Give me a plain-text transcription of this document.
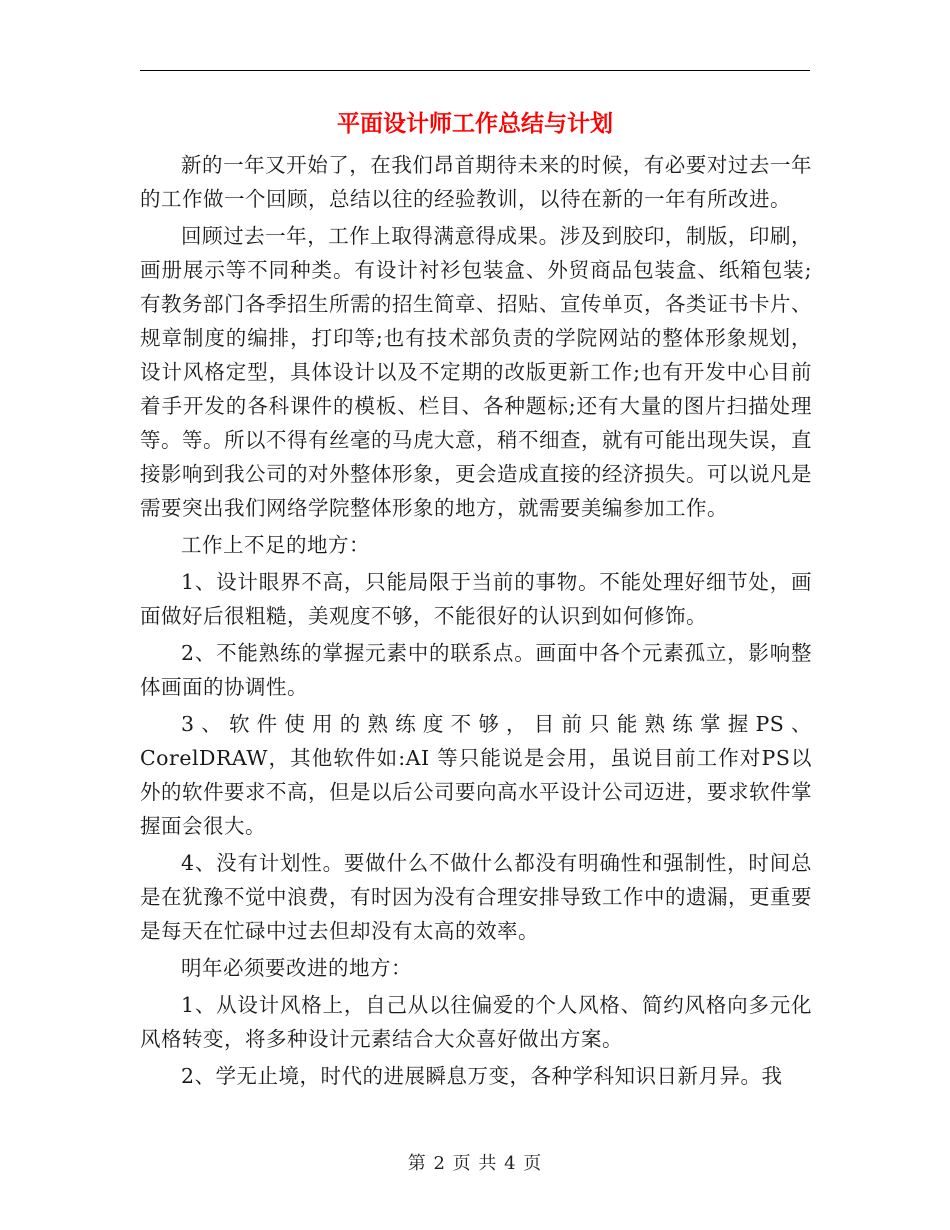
平面设计师工作总结与计划

新的一年又开始了，在我们昂首期待未来的时候，有必要对过去一年的工作做一个回顾，总结以往的经验教训，以待在新的一年有所改进。

回顾过去一年，工作上取得满意得成果。涉及到胶印，制版，印刷，画册展示等不同种类。有设计衬衫包装盒、外贸商品包装盒、纸箱包装;有教务部门各季招生所需的招生简章、招贴、宣传单页，各类证书卡片、规章制度的编排，打印等;也有技术部负责的学院网站的整体形象规划，设计风格定型，具体设计以及不定期的改版更新工作;也有开发中心目前着手开发的各科课件的模板、栏目、各种题标;还有大量的图片扫描处理等。等。所以不得有丝毫的马虎大意，稍不细查，就有可能出现失误，直接影响到我公司的对外整体形象，更会造成直接的经济损失。可以说凡是需要突出我们网络学院整体形象的地方，就需要美编参加工作。

工作上不足的地方：

1、设计眼界不高，只能局限于当前的事物。不能处理好细节处，画面做好后很粗糙，美观度不够，不能很好的认识到如何修饰。

2、不能熟练的掌握元素中的联系点。画面中各个元素孤立，影响整体画面的协调性。

3、软件使用的熟练度不够，目前只能熟练掌握PS、CorelDRAW，其他软件如:AI 等只能说是会用，虽说目前工作对PS以外的软件要求不高，但是以后公司要向高水平设计公司迈进，要求软件掌握面会很大。

4、没有计划性。要做什么不做什么都没有明确性和强制性，时间总是在犹豫不觉中浪费，有时因为没有合理安排导致工作中的遗漏，更重要是每天在忙碌中过去但却没有太高的效率。

明年必须要改进的地方：

1、从设计风格上，自己从以往偏爱的个人风格、简约风格向多元化风格转变，将多种设计元素结合大众喜好做出方案。

2、学无止境，时代的进展瞬息万变，各种学科知识日新月异。我

第 2 页 共 4 页
